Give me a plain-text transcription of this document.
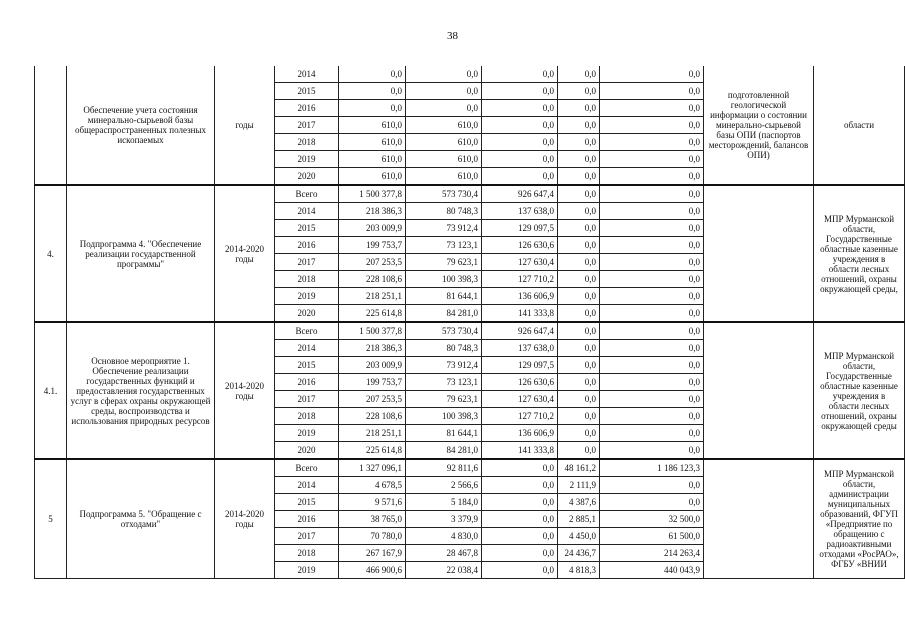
38
	Обеспечение учета состояния минерально-сырьевой базы общераспространенных полезных ископаемых	годы	2014	0,0	0,0	0,0	0,0	0,0	подготовленной геологической информации о состоянии минерально-сырьевой базы ОПИ (паспортов месторождений, балансов ОПИ)	области
			2015	0,0	0,0	0,0	0,0	0,0		
			2016	0,0	0,0	0,0	0,0	0,0		
			2017	610,0	610,0	0,0	0,0	0,0		
			2018	610,0	610,0	0,0	0,0	0,0		
			2019	610,0	610,0	0,0	0,0	0,0		
			2020	610,0	610,0	0,0	0,0	0,0		
4.	Подпрограмма 4. "Обеспечение реализации государственной программы"	2014-2020 годы	Всего	1 500 377,8	573 730,4	926 647,4	0,0	0,0		МПР Мурманской области, Государственные областные казенные учреждения в области лесных отношений, охраны окружающей среды,
			2014	218 386,3	80 748,3	137 638,0	0,0	0,0		
			2015	203 009,9	73 912,4	129 097,5	0,0	0,0		
			2016	199 753,7	73 123,1	126 630,6	0,0	0,0		
			2017	207 253,5	79 623,1	127 630,4	0,0	0,0		
			2018	228 108,6	100 398,3	127 710,2	0,0	0,0		
			2019	218 251,1	81 644,1	136 606,9	0,0	0,0		
			2020	225 614,8	84 281,0	141 333,8	0,0	0,0		
4.1.	Основное мероприятие 1. Обеспечение реализации государственных функций и предоставления государственных услуг в сферах охраны окружающей среды, воспроизводства и использования природных ресурсов	2014-2020 годы	Всего	1 500 377,8	573 730,4	926 647,4	0,0	0,0		МПР Мурманской области, Государственные областные казенные учреждения в области лесных отношений, охраны окружающей среды
			2014	218 386,3	80 748,3	137 638,0	0,0	0,0		
			2015	203 009,9	73 912,4	129 097,5	0,0	0,0		
			2016	199 753,7	73 123,1	126 630,6	0,0	0,0		
			2017	207 253,5	79 623,1	127 630,4	0,0	0,0		
			2018	228 108,6	100 398,3	127 710,2	0,0	0,0		
			2019	218 251,1	81 644,1	136 606,9	0,0	0,0		
			2020	225 614,8	84 281,0	141 333,8	0,0	0,0		
5	Подпрограмма 5. "Обращение с отходами"	2014-2020 годы	Всего	1 327 096,1	92 811,6	0,0	48 161,2	1 186 123,3		МПР Мурманской области, администрации муниципальных образований, ФГУП «Предприятие по обращению с радиоактивными отходами «РосРАО», ФГБУ «ВНИИ
			2014	4 678,5	2 566,6	0,0	2 111,9	0,0		
			2015	9 571,6	5 184,0	0,0	4 387,6	0,0		
			2016	38 765,0	3 379,9	0,0	2 885,1	32 500,0		
			2017	70 780,0	4 830,0	0,0	4 450,0	61 500,0		
			2018	267 167,9	28 467,8	0,0	24 436,7	214 263,4		
			2019	466 900,6	22 038,4	0,0	4 818,3	440 043,9		
